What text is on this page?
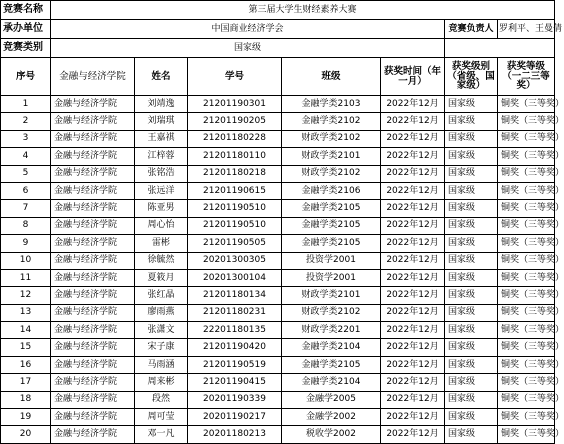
竞赛名称	第三届大学生财经素养大赛						
承办单位	中国商业经济学会					竞赛负责人	罗利平、王曼倩
竞赛类别	国家级						
序号	金融与经济学院	姓名	学号	班级	获奖时间（年一月）	获奖级别（省级、国家级）	获奖等级（一二三等奖）
1	金融与经济学院	刘靖逸	21201190301	金融学类2103	2022年12月	国家级	铜奖（三等奖）
2	金融与经济学院	刘瑞琪	21201190205	金融学类2102	2022年12月	国家级	铜奖（三等奖）
3	金融与经济学院	王嘉祺	21201180228	财政学类2102	2022年12月	国家级	铜奖（三等奖）
4	金融与经济学院	江梓蓉	21201180110	财政学类2101	2022年12月	国家级	铜奖（三等奖）
5	金融与经济学院	张铭浩	21201180218	财政学类2102	2022年12月	国家级	铜奖（三等奖）
6	金融与经济学院	张远洋	21201190615	金融学类2106	2022年12月	国家级	铜奖（三等奖）
7	金融与经济学院	陈亚男	21201190510	金融学类2105	2022年12月	国家级	铜奖（三等奖）
8	金融与经济学院	周心怡	21201190510	金融学类2105	2022年12月	国家级	铜奖（三等奖）
9	金融与经济学院	雷彬	21201190505	金融学类2105	2022年12月	国家级	铜奖（三等奖）
10	金融与经济学院	徐毓然	20201300305	投资学2001	2022年12月	国家级	铜奖（三等奖）
11	金融与经济学院	夏筱月	20201300104	投资学2001	2022年12月	国家级	铜奖（三等奖）
12	金融与经济学院	张红晶	21201180134	财政学类2101	2022年12月	国家级	铜奖（三等奖）
13	金融与经济学院	廖雨燕	21201180231	财政学类2102	2022年12月	国家级	铜奖（三等奖）
14	金融与经济学院	张潇文	22201180135	财政学类2201	2022年12月	国家级	铜奖（三等奖）
15	金融与经济学院	宋子康	21201190420	金融学类2104	2022年12月	国家级	铜奖（三等奖）
16	金融与经济学院	马雨涵	21201190519	金融学类2105	2022年12月	国家级	铜奖（三等奖）
17	金融与经济学院	周来彬	21201190415	金融学类2104	2022年12月	国家级	铜奖（三等奖）
18	金融与经济学院	段然	20201190339	金融学2005	2022年12月	国家级	铜奖（三等奖）
19	金融与经济学院	周可莹	20201190217	金融学2002	2022年12月	国家级	铜奖（三等奖）
20	金融与经济学院	邓一凡	20201180213	税收学2002	2022年12月	国家级	铜奖（三等奖）
